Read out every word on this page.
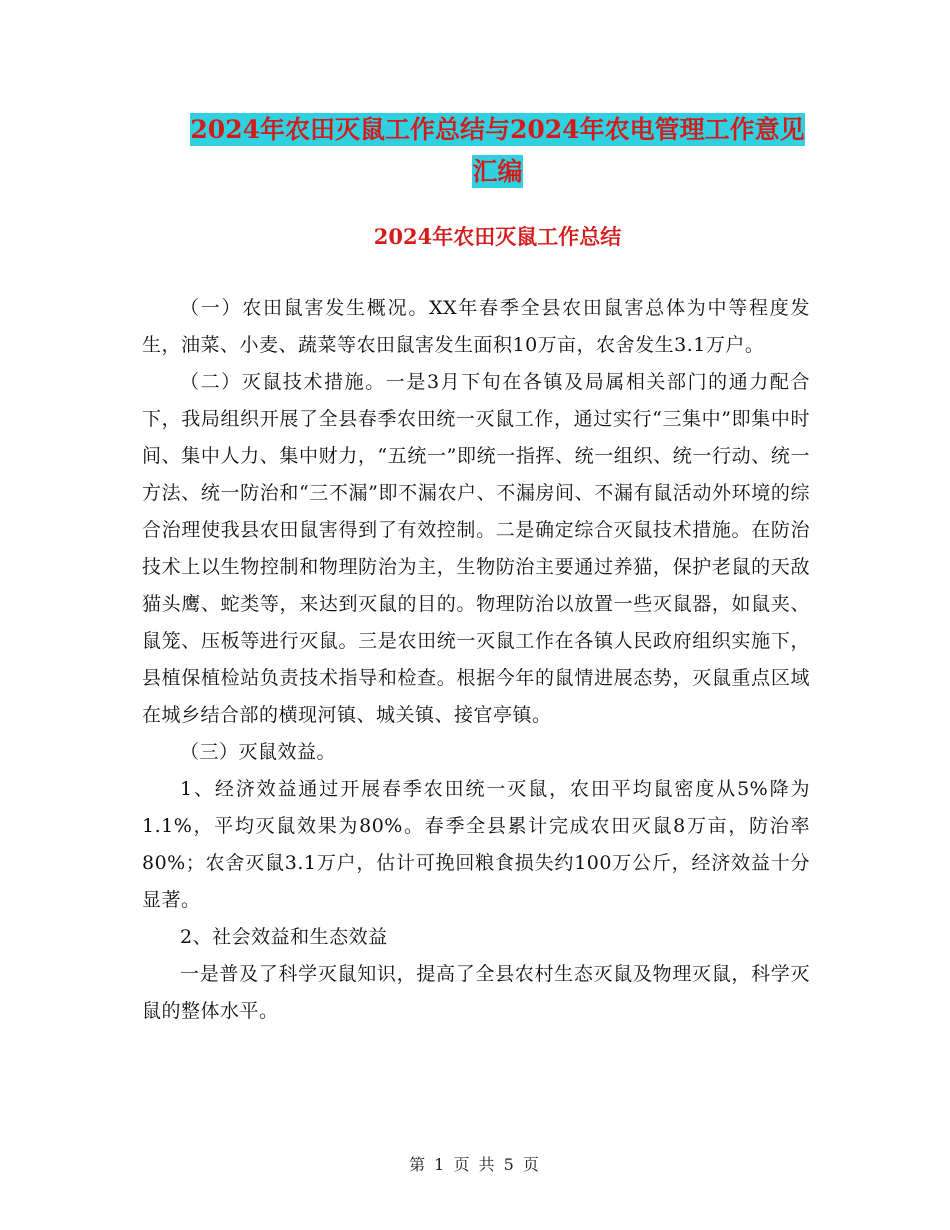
2024年农田灭鼠工作总结与2024年农电管理工作意见
汇编
2024年农田灭鼠工作总结

（一）农田鼠害发生概况。XX年春季全县农田鼠害总体为中等程度发生，油菜、小麦、蔬菜等农田鼠害发生面积10万亩，农舍发生3.1万户。

（二）灭鼠技术措施。一是3月下旬在各镇及局属相关部门的通力配合下，我局组织开展了全县春季农田统一灭鼠工作，通过实行“三集中”即集中时间、集中人力、集中财力，“五统一”即统一指挥、统一组织、统一行动、统一方法、统一防治和“三不漏”即不漏农户、不漏房间、不漏有鼠活动外环境的综合治理使我县农田鼠害得到了有效控制。二是确定综合灭鼠技术措施。在防治技术上以生物控制和物理防治为主，生物防治主要通过养猫，保护老鼠的天敌猫头鹰、蛇类等，来达到灭鼠的目的。物理防治以放置一些灭鼠器，如鼠夹、鼠笼、压板等进行灭鼠。三是农田统一灭鼠工作在各镇人民政府组织实施下，县植保植检站负责技术指导和检查。根据今年的鼠情进展态势，灭鼠重点区域在城乡结合部的横现河镇、城关镇、接官亭镇。

（三）灭鼠效益。

1、经济效益通过开展春季农田统一灭鼠，农田平均鼠密度从5%降为1.1%，平均灭鼠效果为80%。春季全县累计完成农田灭鼠8万亩，防治率80%；农舍灭鼠3.1万户，估计可挽回粮食损失约100万公斤，经济效益十分显著。

2、社会效益和生态效益

一是普及了科学灭鼠知识，提高了全县农村生态灭鼠及物理灭鼠，科学灭鼠的整体水平。

第 1 页 共 5 页
